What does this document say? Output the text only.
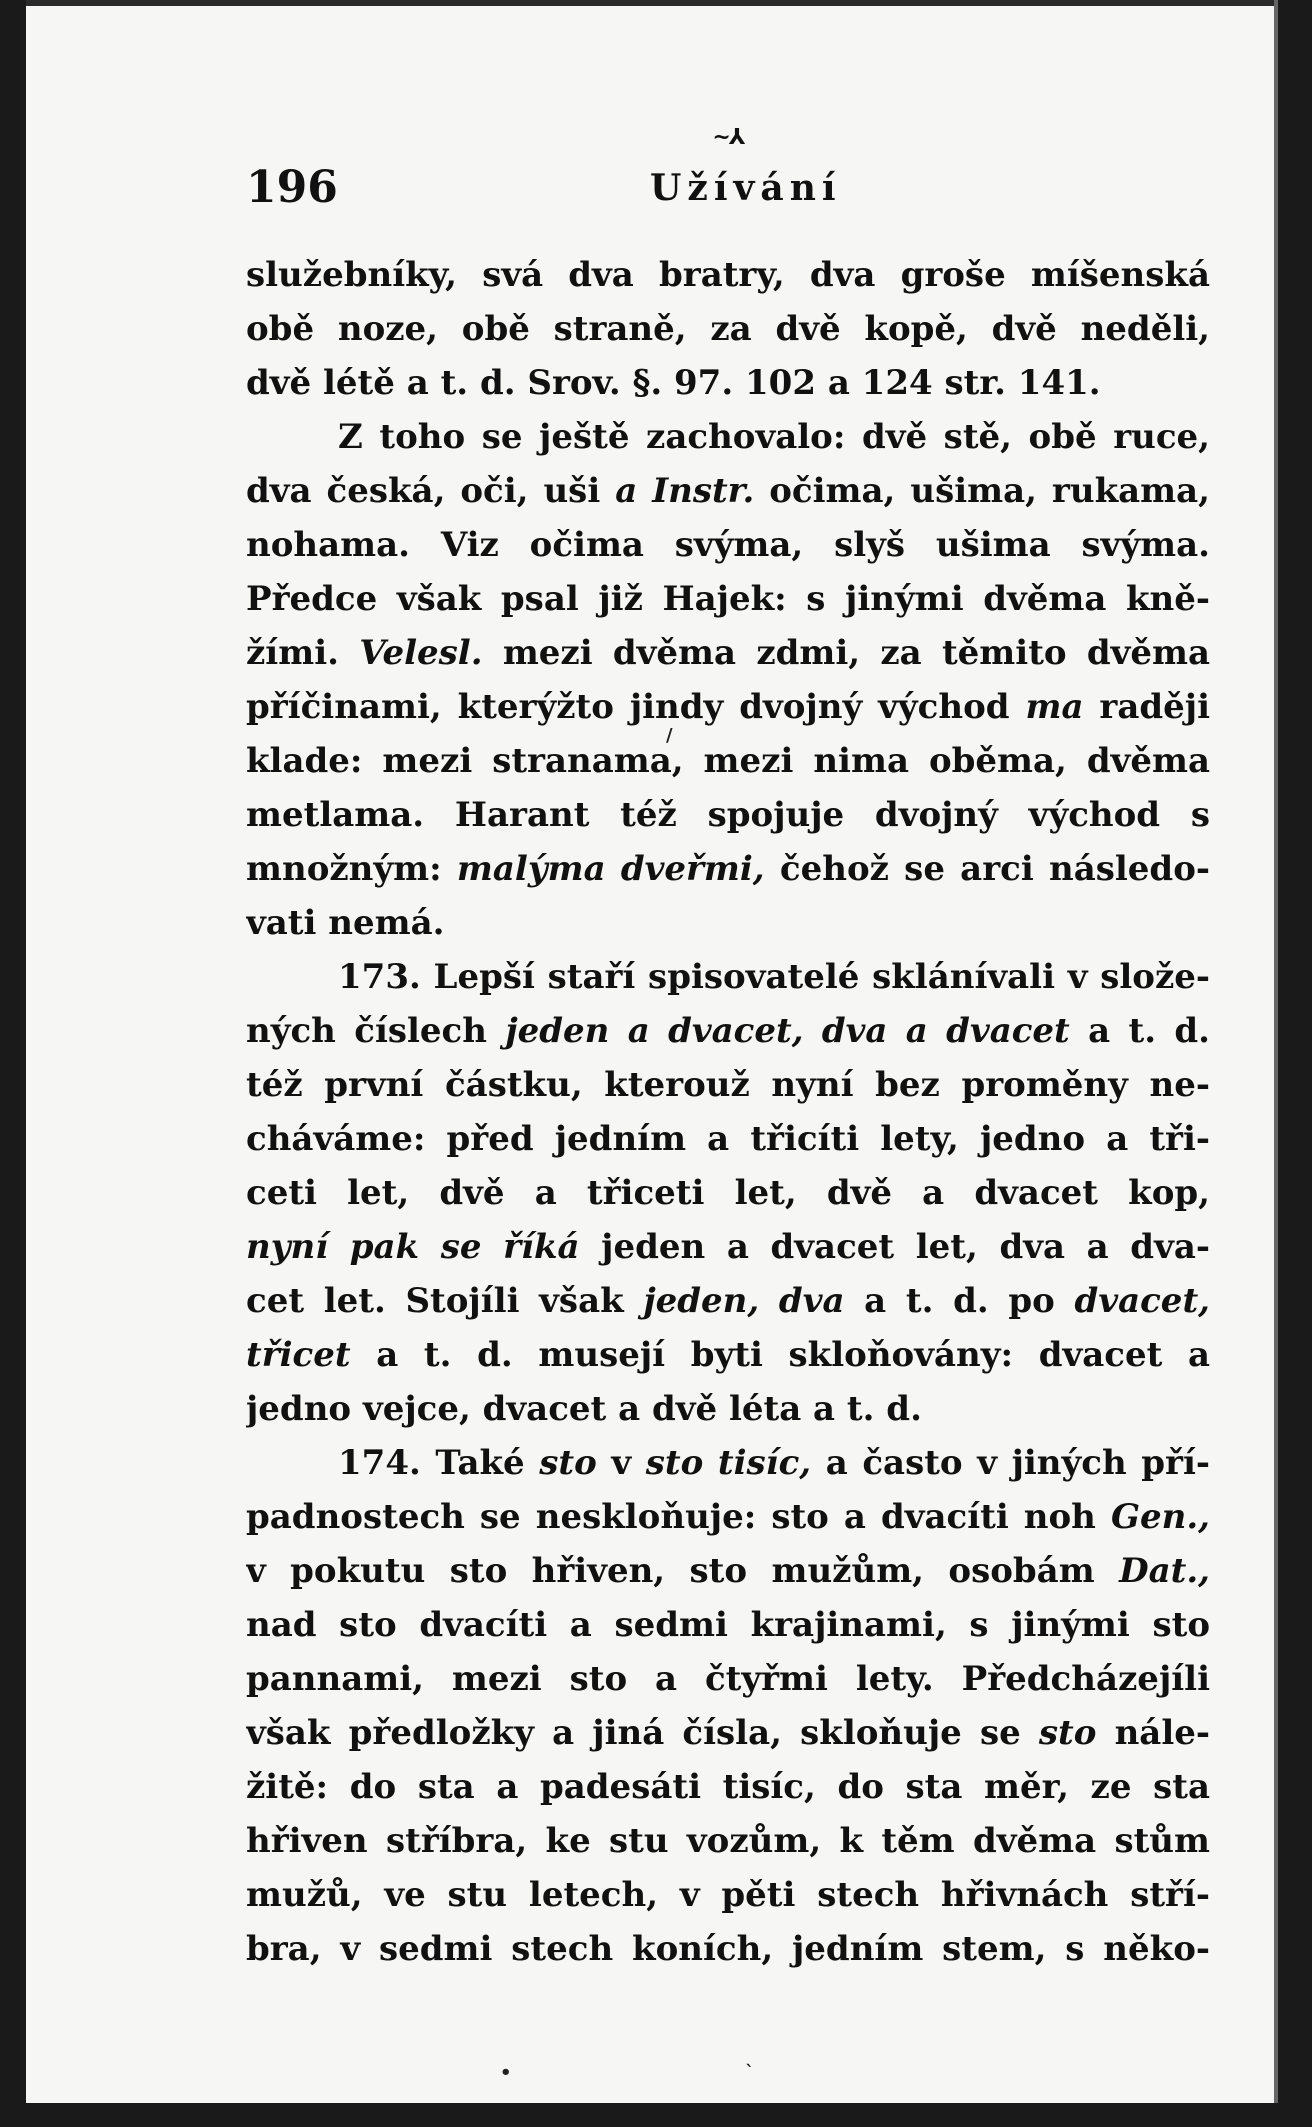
~⅄
196	Užívání
služebníky, svá dva bratry, dva groše míšenská
obě noze, obě straně, za dvě kopě, dvě neděli,
dvě létě a t. d. Srov. §. 97. 102 a 124 str. 141.
Z toho se ještě zachovalo: dvě stě, obě ruce,
dva česká, oči, uši a Instr. očima, ušima, rukama,
nohama. Viz očima svýma, slyš ušima svýma.
Předce však psal již Hajek: s jinými dvěma kně-
žími. Velesl. mezi dvěma zdmi, za těmito dvěma
příčinami, kterýžto jindy dvojný východ ma raději
klade: mezi stranama, mezi nima oběma, dvěma
metlama. Harant též spojuje dvojný východ s
množným: malýma dveřmi, čehož se arci následo-
vati nemá.
173. Lepší staří spisovatelé sklánívali v slože-
ných číslech jeden a dvacet, dva a dvacet a t. d.
též první částku, kterouž nyní bez proměny ne-
cháváme: před jedním a třicíti lety, jedno a tři-
ceti let, dvě a třiceti let, dvě a dvacet kop,
nyní pak se říká jeden a dvacet let, dva a dva-
cet let. Stojíli však jeden, dva a t. d. po dvacet,
třicet a t. d. musejí byti skloňovány: dvacet a
jedno vejce, dvacet a dvě léta a t. d.
174. Také sto v sto tisíc, a často v jiných pří-
padnostech se neskloňuje: sto a dvacíti noh Gen.,
v pokutu sto hřiven, sto mužům, osobám Dat.,
nad sto dvacíti a sedmi krajinami, s jinými sto
pannami, mezi sto a čtyřmi lety. Předcházejíli
však předložky a jiná čísla, skloňuje se sto nále-
žitě: do sta a padesáti tisíc, do sta měr, ze sta
hřiven stříbra, ke stu vozům, k těm dvěma stům
mužů, ve stu letech, v pěti stech hřivnách stří-
bra, v sedmi stech koních, jedním stem, s něko-
/
•	`
